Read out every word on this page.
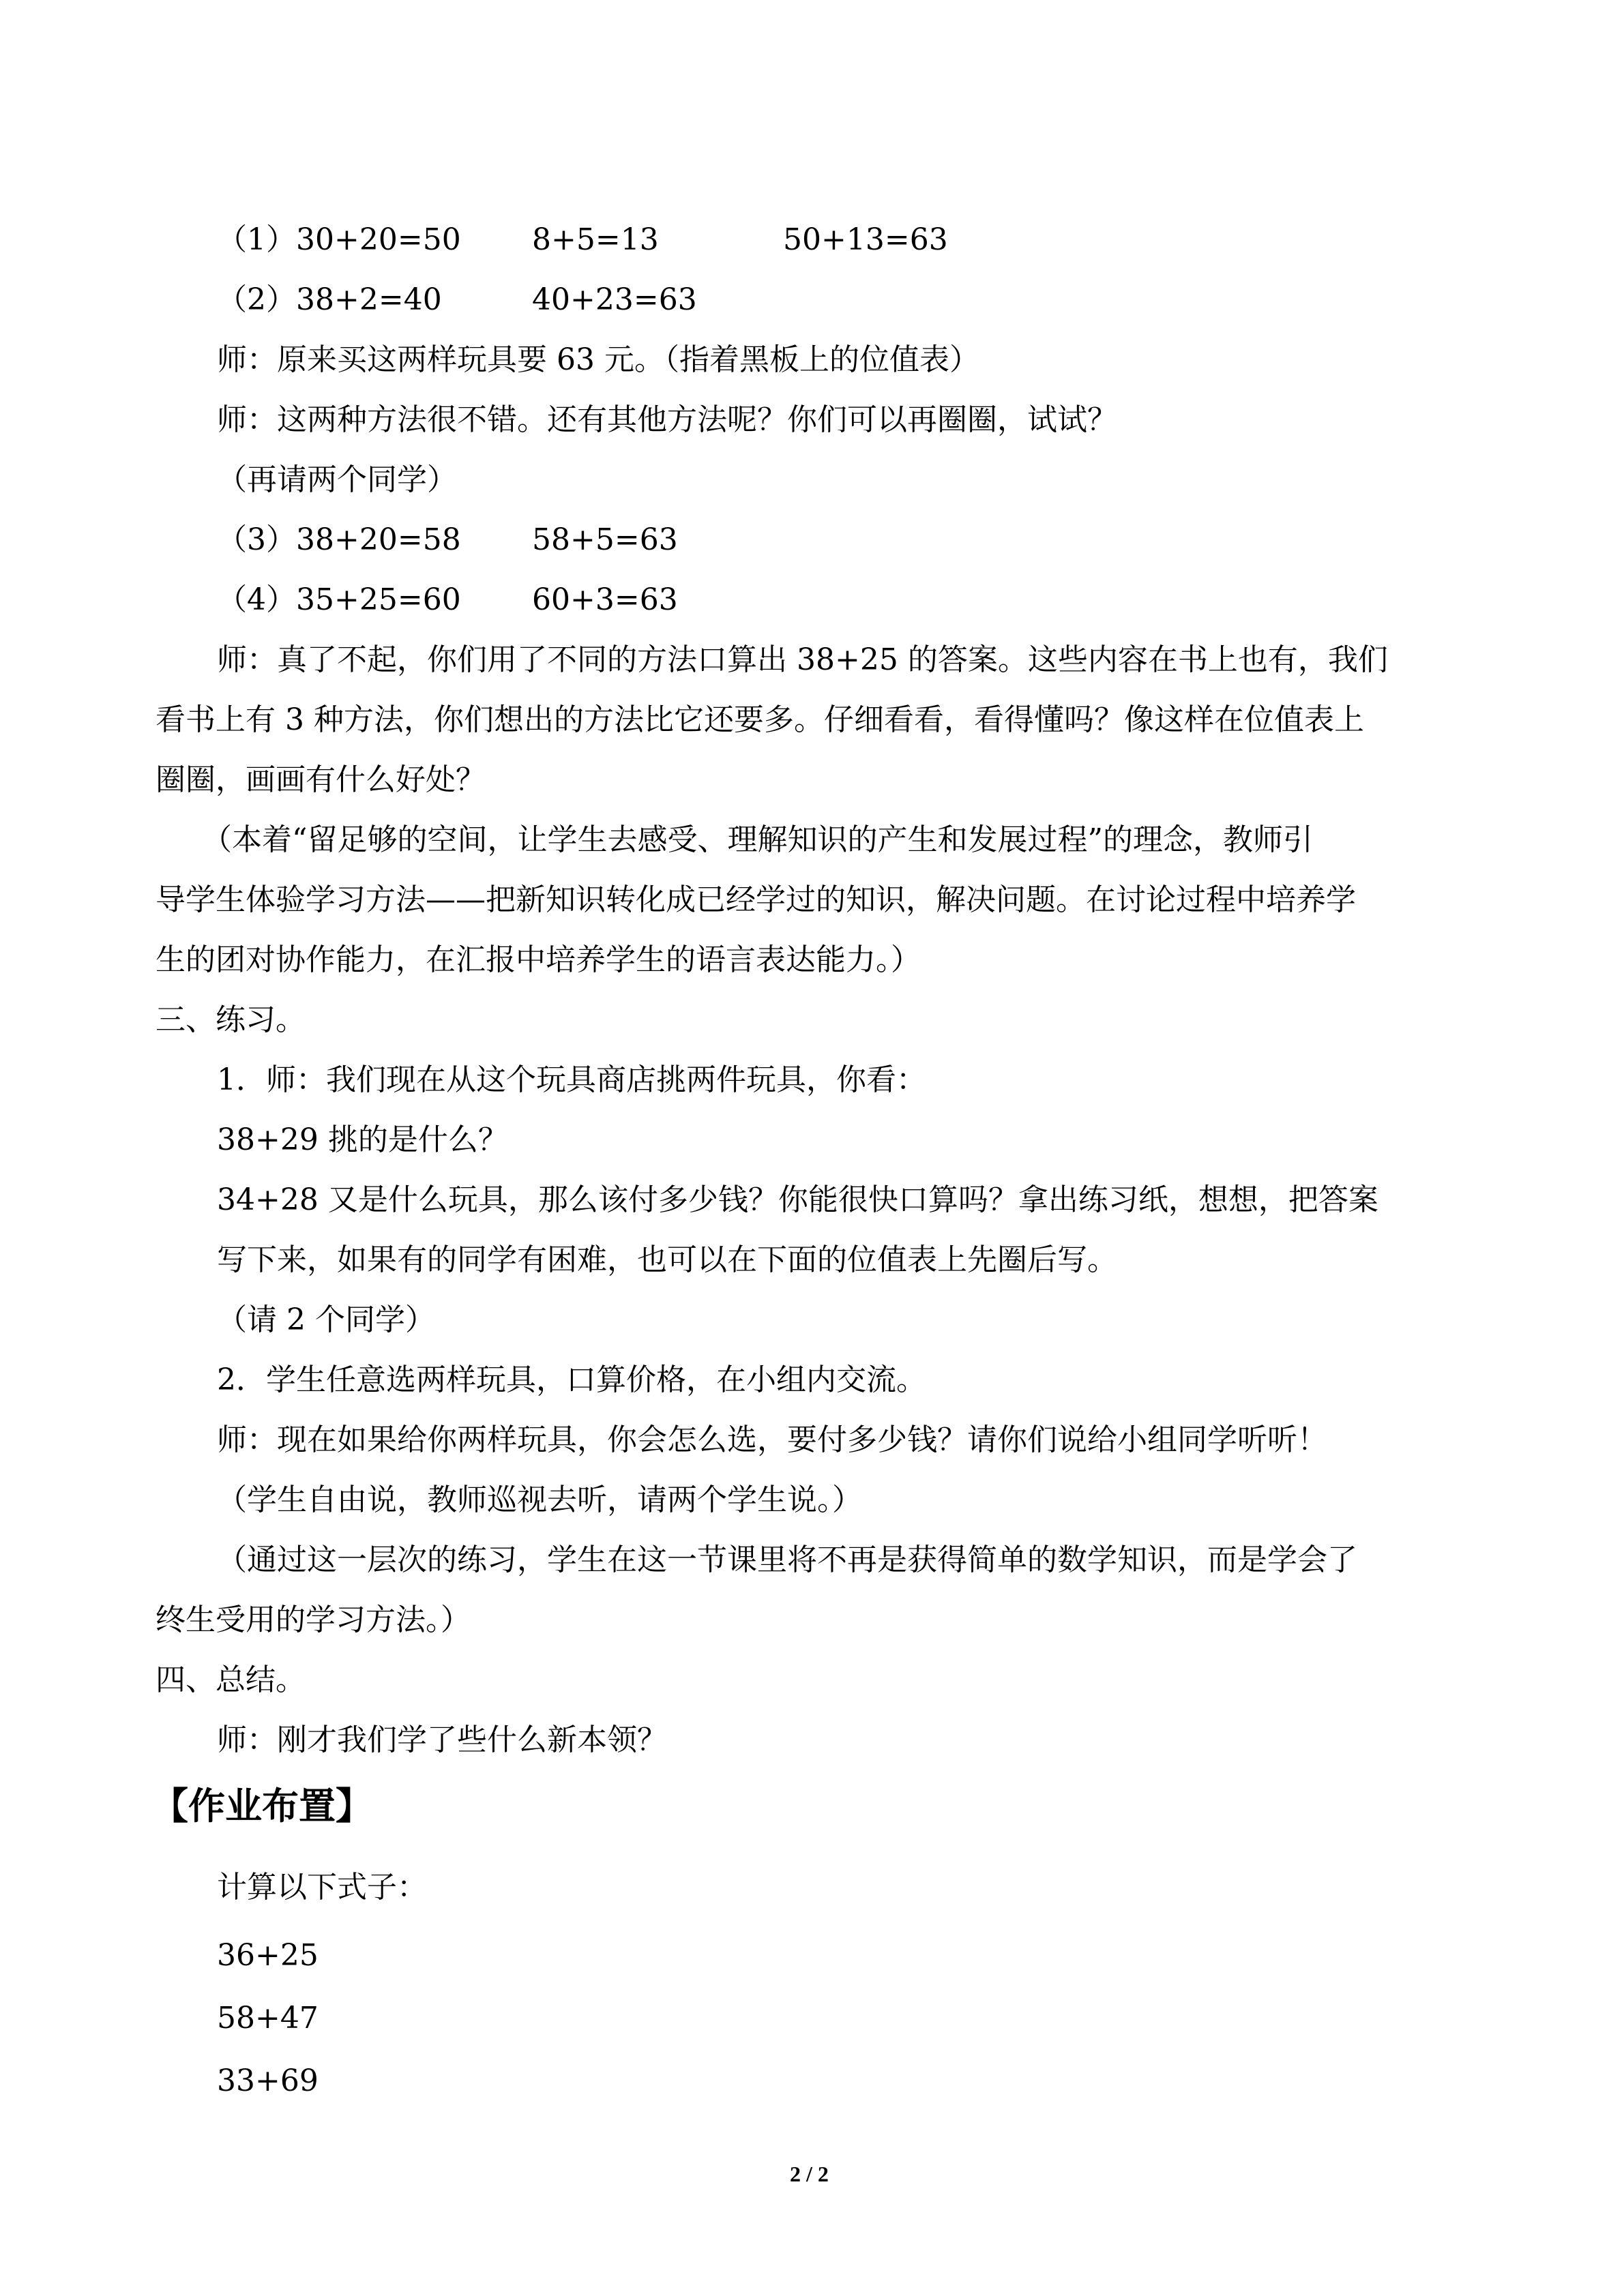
（1）30+20=50 8+5=13	50+13=63
（2）38+2=40	40+23=63
师：原来买这两样玩具要 63 元。（指着黑板上的位值表）
师：这两种方法很不错。还有其他方法呢？你们可以再圈圈，试试？
（再请两个同学）
（3）38+20=58 58+5=63
（4）35+25=60 60+3=63
师：真了不起，你们用了不同的方法口算出 38+25 的答案。这些内容在书上也有，我们
看书上有 3 种方法，你们想出的方法比它还要多。仔细看看，看得懂吗？像这样在位值表上
圈圈，画画有什么好处？
（本着“留足够的空间，让学生去感受、理解知识的产生和发展过程”的理念，教师引
导学生体验学习方法——把新知识转化成已经学过的知识，解决问题。在讨论过程中培养学
生的团对协作能力，在汇报中培养学生的语言表达能力。）
三、练习。
1．师：我们现在从这个玩具商店挑两件玩具，你看：
38+29 挑的是什么？
34+28 又是什么玩具，那么该付多少钱？你能很快口算吗？拿出练习纸，想想，把答案
写下来，如果有的同学有困难，也可以在下面的位值表上先圈后写。
（请 2 个同学）
2．学生任意选两样玩具，口算价格，在小组内交流。
师：现在如果给你两样玩具，你会怎么选，要付多少钱？请你们说给小组同学听听！
（学生自由说，教师巡视去听，请两个学生说。）
（通过这一层次的练习，学生在这一节课里将不再是获得简单的数学知识，而是学会了
终生受用的学习方法。）
四、总结。
师：刚才我们学了些什么新本领？
【作业布置】
计算以下式子：
36+25
58+47
33+69
2 / 2
